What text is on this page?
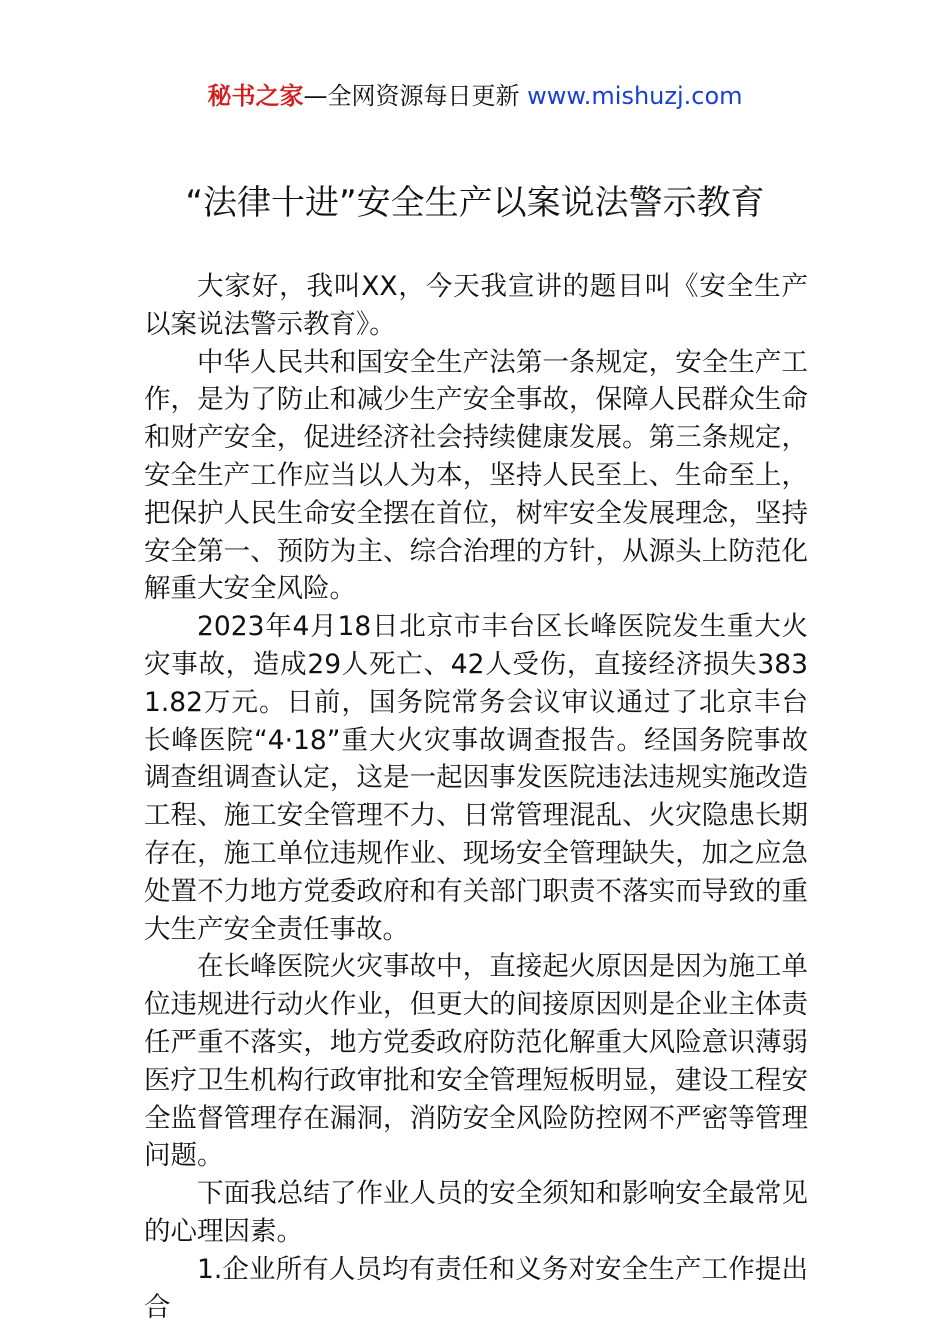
秘书之家—全网资源每日更新 www.mishuzj.com
“法律十进”安全生产以案说法警示教育

大家好，我叫XX，今天我宣讲的题目叫《安全生产以案说法警示教育》。

中华人民共和国安全生产法第一条规定，安全生产工作，是为了防止和减少生产安全事故，保障人民群众生命和财产安全，促进经济社会持续健康发展。第三条规定，安全生产工作应当以人为本，坚持人民至上、生命至上，把保护人民生命安全摆在首位，树牢安全发展理念，坚持安全第一、预防为主、综合治理的方针，从源头上防范化解重大安全风险。

2023年4月18日北京市丰台区长峰医院发生重大火灾事故，造成29人死亡、42人受伤，直接经济损失3831.82万元。日前，国务院常务会议审议通过了北京丰台长峰医院“4·18”重大火灾事故调查报告。经国务院事故调查组调查认定，这是一起因事发医院违法违规实施改造工程、施工安全管理不力、日常管理混乱、火灾隐患长期存在，施工单位违规作业、现场安全管理缺失，加之应急处置不力地方党委政府和有关部门职责不落实而导致的重大生产安全责任事故。

在长峰医院火灾事故中，直接起火原因是因为施工单位违规进行动火作业，但更大的间接原因则是企业主体责任严重不落实，地方党委政府防范化解重大风险意识薄弱医疗卫生机构行政审批和安全管理短板明显，建设工程安全监督管理存在漏洞，消防安全风险防控网不严密等管理问题。

下面我总结了作业人员的安全须知和影响安全最常见的心理因素。

1.企业所有人员均有责任和义务对安全生产工作提出合
